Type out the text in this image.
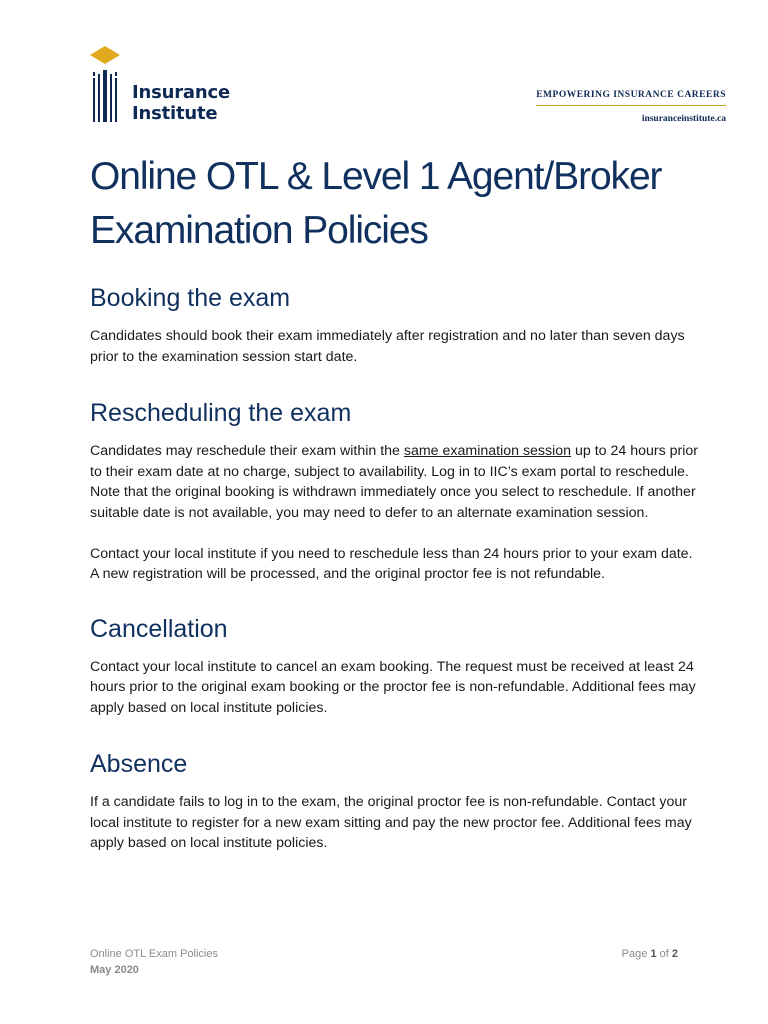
Insurance
Institute
EMPOWERING INSURANCE CAREERS
insuranceinstitute.ca
Online OTL & Level 1 Agent/Broker
Examination Policies
Booking the exam

Candidates should book their exam immediately after registration and no later than seven days prior to the examination session start date.

Rescheduling the exam

Candidates may reschedule their exam within the same examination session up to 24 hours prior to their exam date at no charge, subject to availability. Log in to IIC’s exam portal to reschedule. Note that the original booking is withdrawn immediately once you select to reschedule. If another suitable date is not available, you may need to defer to an alternate examination session.

Contact your local institute if you need to reschedule less than 24 hours prior to your exam date. A new registration will be processed, and the original proctor fee is not refundable.

Cancellation

Contact your local institute to cancel an exam booking. The request must be received at least 24 hours prior to the original exam booking or the proctor fee is non-refundable. Additional fees may apply based on local institute policies.

Absence

If a candidate fails to log in to the exam, the original proctor fee is non-refundable. Contact your local institute to register for a new exam sitting and pay the new proctor fee. Additional fees may apply based on local institute policies.

Online OTL Exam Policies
May 2020
Page 1 of 2
